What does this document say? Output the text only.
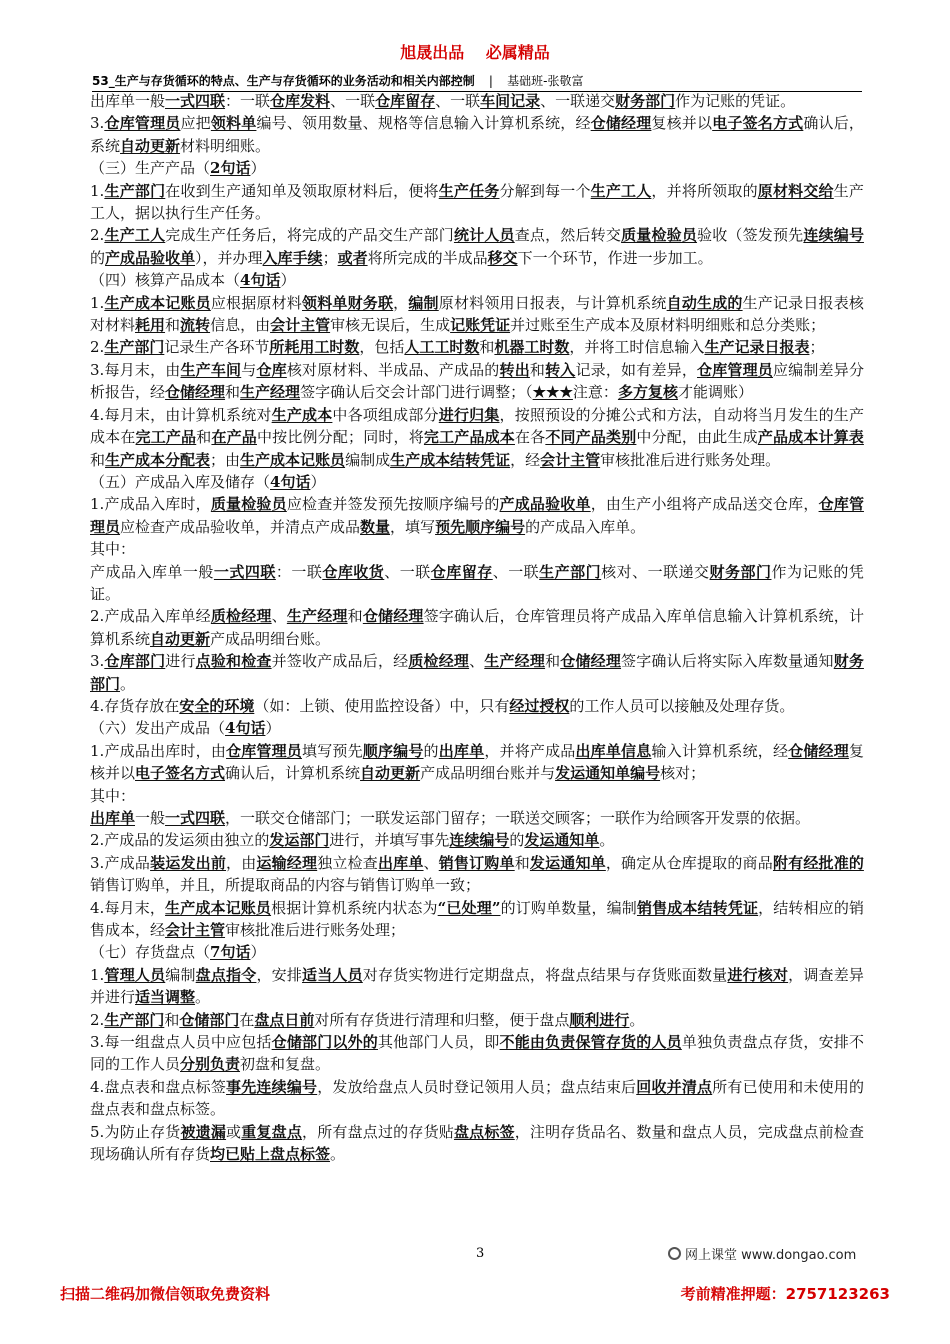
旭晟出品 必属精品
53_生产与存货循环的特点、生产与存货循环的业务活动和相关内部控制 | 基础班-张敬富

出库单一般一式四联：一联仓库发料、一联仓库留存、一联车间记录、一联递交财务部门作为记账的凭证。

3.仓库管理员应把领料单编号、领用数量、规格等信息输入计算机系统，经仓储经理复核并以电子签名方式确认后，系统自动更新材料明细账。

（三）生产产品（2句话）

1.生产部门在收到生产通知单及领取原材料后，便将生产任务分解到每一个生产工人，并将所领取的原材料交给生产工人，据以执行生产任务。

2.生产工人完成生产任务后，将完成的产品交生产部门统计人员查点，然后转交质量检验员验收（签发预先连续编号的产成品验收单），并办理入库手续；或者将所完成的半成品移交下一个环节，作进一步加工。

（四）核算产品成本（4句话）

1.生产成本记账员应根据原材料领料单财务联，编制原材料领用日报表，与计算机系统自动生成的生产记录日报表核对材料耗用和流转信息，由会计主管审核无误后，生成记账凭证并过账至生产成本及原材料明细账和总分类账；

2.生产部门记录生产各环节所耗用工时数，包括人工工时数和机器工时数，并将工时信息输入生产记录日报表；

3.每月末，由生产车间与仓库核对原材料、半成品、产成品的转出和转入记录，如有差异，仓库管理员应编制差异分析报告，经仓储经理和生产经理签字确认后交会计部门进行调整；（★★★注意：多方复核才能调账）

4.每月末，由计算机系统对生产成本中各项组成部分进行归集，按照预设的分摊公式和方法，自动将当月发生的生产成本在完工产品和在产品中按比例分配；同时，将完工产品成本在各不同产品类别中分配，由此生成产品成本计算表和生产成本分配表；由生产成本记账员编制成生产成本结转凭证，经会计主管审核批准后进行账务处理。

（五）产成品入库及储存（4句话）

1.产成品入库时，质量检验员应检查并签发预先按顺序编号的产成品验收单，由生产小组将产成品送交仓库，仓库管理员应检查产成品验收单，并清点产成品数量，填写预先顺序编号的产成品入库单。

其中：

产成品入库单一般一式四联：一联仓库收货、一联仓库留存、一联生产部门核对、一联递交财务部门作为记账的凭证。

2.产成品入库单经质检经理、生产经理和仓储经理签字确认后，仓库管理员将产成品入库单信息输入计算机系统，计算机系统自动更新产成品明细台账。

3.仓库部门进行点验和检查并签收产成品后，经质检经理、生产经理和仓储经理签字确认后将实际入库数量通知财务部门。

4.存货存放在安全的环境（如：上锁、使用监控设备）中，只有经过授权的工作人员可以接触及处理存货。

（六）发出产成品（4句话）

1.产成品出库时，由仓库管理员填写预先顺序编号的出库单，并将产成品出库单信息输入计算机系统，经仓储经理复核并以电子签名方式确认后，计算机系统自动更新产成品明细台账并与发运通知单编号核对；

其中：

出库单一般一式四联，一联交仓储部门；一联发运部门留存；一联送交顾客；一联作为给顾客开发票的依据。

2.产成品的发运须由独立的发运部门进行，并填写事先连续编号的发运通知单。

3.产成品装运发出前，由运输经理独立检查出库单、销售订购单和发运通知单，确定从仓库提取的商品附有经批准的销售订购单，并且，所提取商品的内容与销售订购单一致；

4.每月末，生产成本记账员根据计算机系统内状态为“已处理”的订购单数量，编制销售成本结转凭证，结转相应的销售成本，经会计主管审核批准后进行账务处理；

（七）存货盘点（7句话）

1.管理人员编制盘点指令，安排适当人员对存货实物进行定期盘点，将盘点结果与存货账面数量进行核对，调查差异并进行适当调整。

2.生产部门和仓储部门在盘点日前对所有存货进行清理和归整，便于盘点顺利进行。

3.每一组盘点人员中应包括仓储部门以外的其他部门人员，即不能由负责保管存货的人员单独负责盘点存货，安排不同的工作人员分别负责初盘和复盘。

4.盘点表和盘点标签事先连续编号，发放给盘点人员时登记领用人员；盘点结束后回收并清点所有已使用和未使用的盘点表和盘点标签。

5.为防止存货被遗漏或重复盘点，所有盘点过的存货贴盘点标签，注明存货品名、数量和盘点人员，完成盘点前检查现场确认所有存货均已贴上盘点标签。

3	网上课堂 www.dongao.com
扫描二维码加微信领取免费资料	考前精准押题：2757123263
